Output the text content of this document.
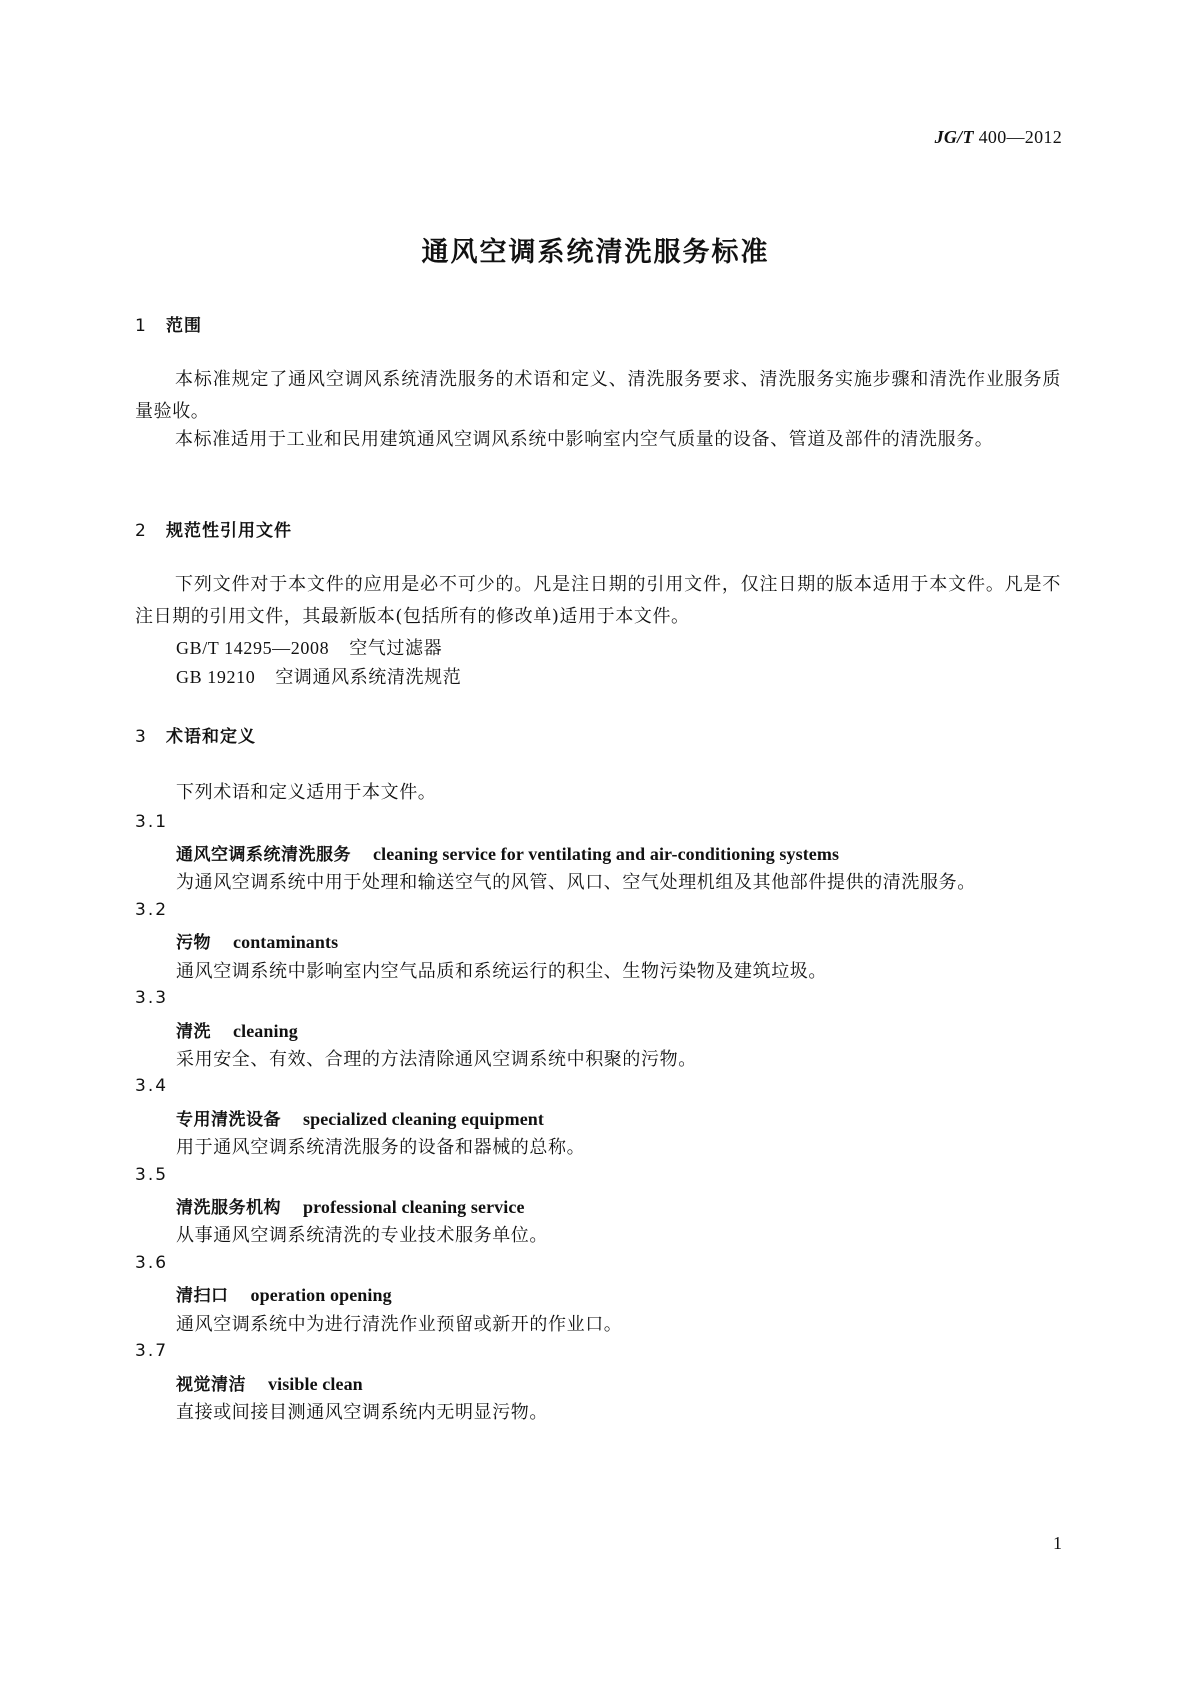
JG/T 400—2012
通风空调系统清洗服务标准
1 范围

本标准规定了通风空调风系统清洗服务的术语和定义、清洗服务要求、清洗服务实施步骤和清洗作业服务质量验收。

本标准适用于工业和民用建筑通风空调风系统中影响室内空气质量的设备、管道及部件的清洗服务。

2 规范性引用文件

下列文件对于本文件的应用是必不可少的。凡是注日期的引用文件，仅注日期的版本适用于本文件。凡是不注日期的引用文件，其最新版本(包括所有的修改单)适用于本文件。

GB/T 14295—2008 空气过滤器
GB 19210 空调通风系统清洗规范
3 术语和定义
下列术语和定义适用于本文件。
3.1
通风空调系统清洗服务 cleaning service for ventilating and air-conditioning systems
为通风空调系统中用于处理和输送空气的风管、风口、空气处理机组及其他部件提供的清洗服务。
3.2
污物 contaminants
通风空调系统中影响室内空气品质和系统运行的积尘、生物污染物及建筑垃圾。
3.3
清洗 cleaning
采用安全、有效、合理的方法清除通风空调系统中积聚的污物。
3.4
专用清洗设备 specialized cleaning equipment
用于通风空调系统清洗服务的设备和器械的总称。
3.5
清洗服务机构 professional cleaning service
从事通风空调系统清洗的专业技术服务单位。
3.6
清扫口 operation opening
通风空调系统中为进行清洗作业预留或新开的作业口。
3.7
视觉清洁 visible clean
直接或间接目测通风空调系统内无明显污物。
1
